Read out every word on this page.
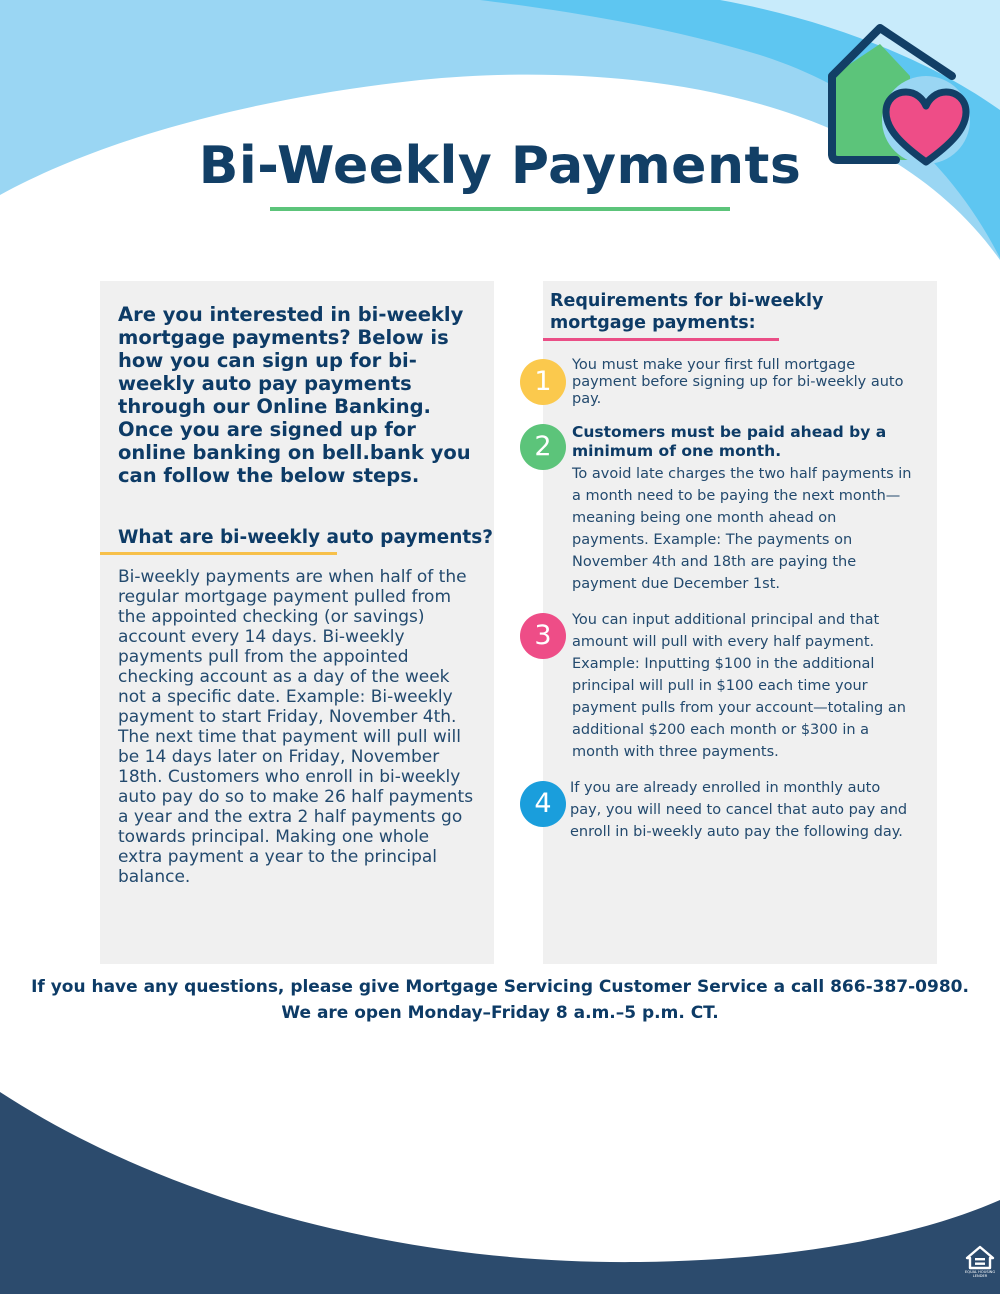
Bi-Weekly Payments

Are you interested in bi-weekly mortgage payments? Below is how you can sign up for bi-weekly auto pay payments through our Online Banking. Once you are signed up for online banking on bell.bank you can follow the below steps.

What are bi-weekly auto payments?

Bi-weekly payments are when half of the regular mortgage payment pulled from the appointed checking (or savings) account every 14 days. Bi-weekly payments pull from the appointed checking account as a day of the week not a specific date. Example: Bi-weekly payment to start Friday, November 4th. The next time that payment will pull will be 14 days later on Friday, November 18th. Customers who enroll in bi-weekly auto pay do so to make 26 half payments a year and the extra 2 half payments go towards principal. Making one whole extra payment a year to the principal balance.

Requirements for bi-weekly mortgage payments:
1

You must make your first full mortgage payment before signing up for bi-weekly auto pay.

2	Customers must be paid ahead by a minimum of one month.

To avoid late charges the two half payments in a month need to be paying the next month—meaning being one month ahead on payments. Example: The payments on November 4th and 18th are paying the payment due December 1st.

3	You can input additional principal and that amount will pull with every half payment. Example: Inputting $100 in the additional principal will pull in $100 each time your payment pulls from your account—totaling an additional $200 each month or $300 in a month with three payments.

4	If you are already enrolled in monthly auto pay, you will need to cancel that auto pay and enroll in bi-weekly auto pay the following day.

If you have any questions, please give Mortgage Servicing Customer Service a call 866-387-0980.

We are open Monday–Friday 8 a.m.–5 p.m. CT.

EQUAL HOUSING
LENDER
